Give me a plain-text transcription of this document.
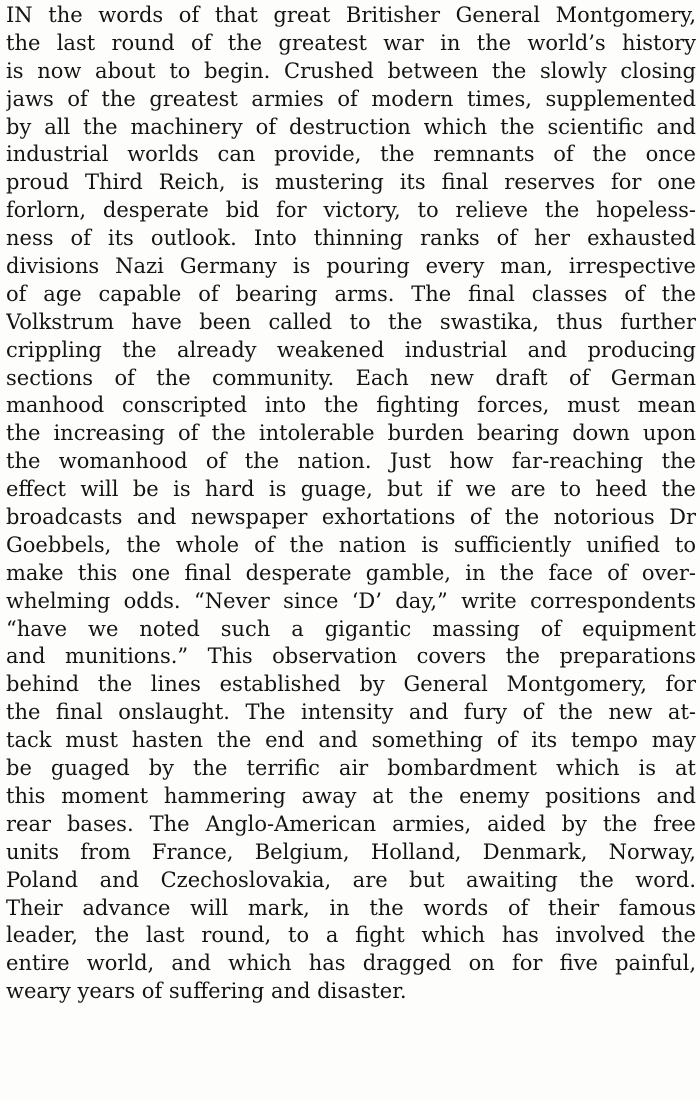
IN the words of that great Britisher General Montgomery,
the last round of the greatest war in the world’s history
is now about to begin. Crushed between the slowly closing
jaws of the greatest armies of modern times, supplemented
by all the machinery of destruction which the scientific and
industrial worlds can provide, the remnants of the once
proud Third Reich, is mustering its final reserves for one
forlorn, desperate bid for victory, to relieve the hopeless-
ness of its outlook. Into thinning ranks of her exhausted
divisions Nazi Germany is pouring every man, irrespective
of age capable of bearing arms. The final classes of the
Volkstrum have been called to the swastika, thus further
crippling the already weakened industrial and producing
sections of the community. Each new draft of German
manhood conscripted into the fighting forces, must mean
the increasing of the intolerable burden bearing down upon
the womanhood of the nation. Just how far-reaching the
effect will be is hard is guage, but if we are to heed the
broadcasts and newspaper exhortations of the notorious Dr
Goebbels, the whole of the nation is sufficiently unified to
make this one final desperate gamble, in the face of over-
whelming odds. “Never since ‘D’ day,” write correspondents
“have we noted such a gigantic massing of equipment
and munitions.” This observation covers the preparations
behind the lines established by General Montgomery, for
the final onslaught. The intensity and fury of the new at-
tack must hasten the end and something of its tempo may
be guaged by the terrific air bombardment which is at
this moment hammering away at the enemy positions and
rear bases. The Anglo-American armies, aided by the free
units from France, Belgium, Holland, Denmark, Norway,
Poland and Czechoslovakia, are but awaiting the word.
Their advance will mark, in the words of their famous
leader, the last round, to a fight which has involved the
entire world, and which has dragged on for five painful,
weary years of suffering and disaster.
